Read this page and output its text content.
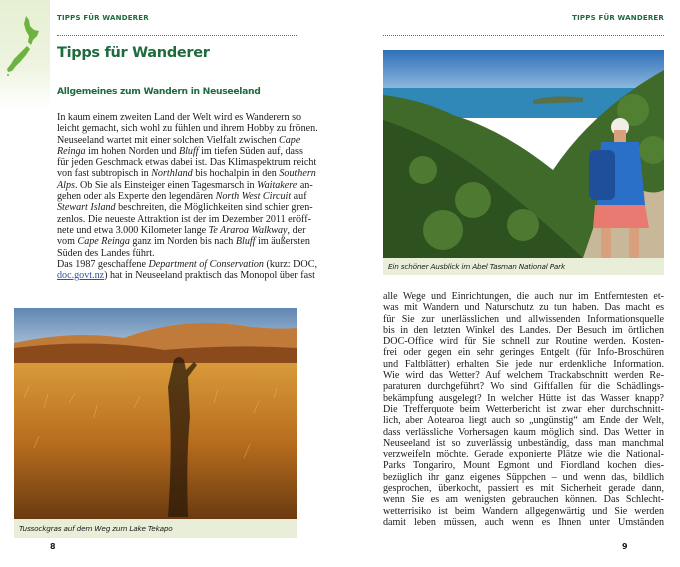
TIPPS FÜR WANDERER
Tipps für Wanderer
Allgemeines zum Wandern in Neuseeland
In kaum einem zweiten Land der Welt wird es Wanderern so
leicht gemacht, sich wohl zu fühlen und ihrem Hobby zu frönen.
Neuseeland wartet mit einer solchen Vielfalt zwischen Cape
Reinga im hohen Norden und Bluff im tiefen Süden auf, dass
für jeden Geschmack etwas dabei ist. Das Klimaspektrum reicht
von fast subtropisch in Northland bis hochalpin in den Southern
Alps. Ob Sie als Einsteiger einen Tagesmarsch in Waitakere an-
gehen oder als Experte den legendären North West Circuit auf
Stewart Island beschreiten, die Möglichkeiten sind schier gren-
zenlos. Die neueste Attraktion ist der im Dezember 2011 eröff-
nete und etwa 3.000 Kilometer lange Te Araroa Walkway, der
vom Cape Reinga ganz im Norden bis nach Bluff im äußersten
Süden des Landes führt.
Das 1987 geschaffene Department of Conservation (kurz: DOC,
doc.govt.nz) hat in Neuseeland praktisch das Monopol über fast
Tussockgras auf dem Weg zum Lake Tekapo
8
TIPPS FÜR WANDERER
Ein schöner Ausblick im Abel Tasman National Park
alle Wege und Einrichtungen, die auch nur im Entferntesten et-
was mit Wandern und Naturschutz zu tun haben. Das macht es
für Sie zur unerlässlichen und allwissenden Informationsquelle
bis in den letzten Winkel des Landes. Der Besuch im örtlichen
DOC-Office wird für Sie schnell zur Routine werden. Kosten-
frei oder gegen ein sehr geringes Entgelt (für Info-Broschüren
und Faltblätter) erhalten Sie jede nur erdenkliche Information.
Wie wird das Wetter? Auf welchem Trackabschnitt werden Re-
paraturen durchgeführt? Wo sind Giftfallen für die Schädlings-
bekämpfung ausgelegt? In welcher Hütte ist das Wasser knapp?
Die Trefferquote beim Wetterbericht ist zwar eher durchschnitt-
lich, aber Aotearoa liegt auch so „ungünstig“ am Ende der Welt,
dass verlässliche Vorhersagen kaum möglich sind. Das Wetter in
Neuseeland ist so zuverlässig unbeständig, dass man manchmal
verzweifeln möchte. Gerade exponierte Plätze wie die National-
Parks Tongariro, Mount Egmont und Fiordland kochen dies-
bezüglich ihr ganz eigenes Süppchen – und wenn das, bildlich
gesprochen, überkocht, passiert es mit Sicherheit gerade dann,
wenn Sie es am wenigsten gebrauchen können. Das Schlecht-
wetterrisiko ist beim Wandern allgegenwärtig und Sie werden
damit leben müssen, auch wenn es Ihnen unter Umständen
9
